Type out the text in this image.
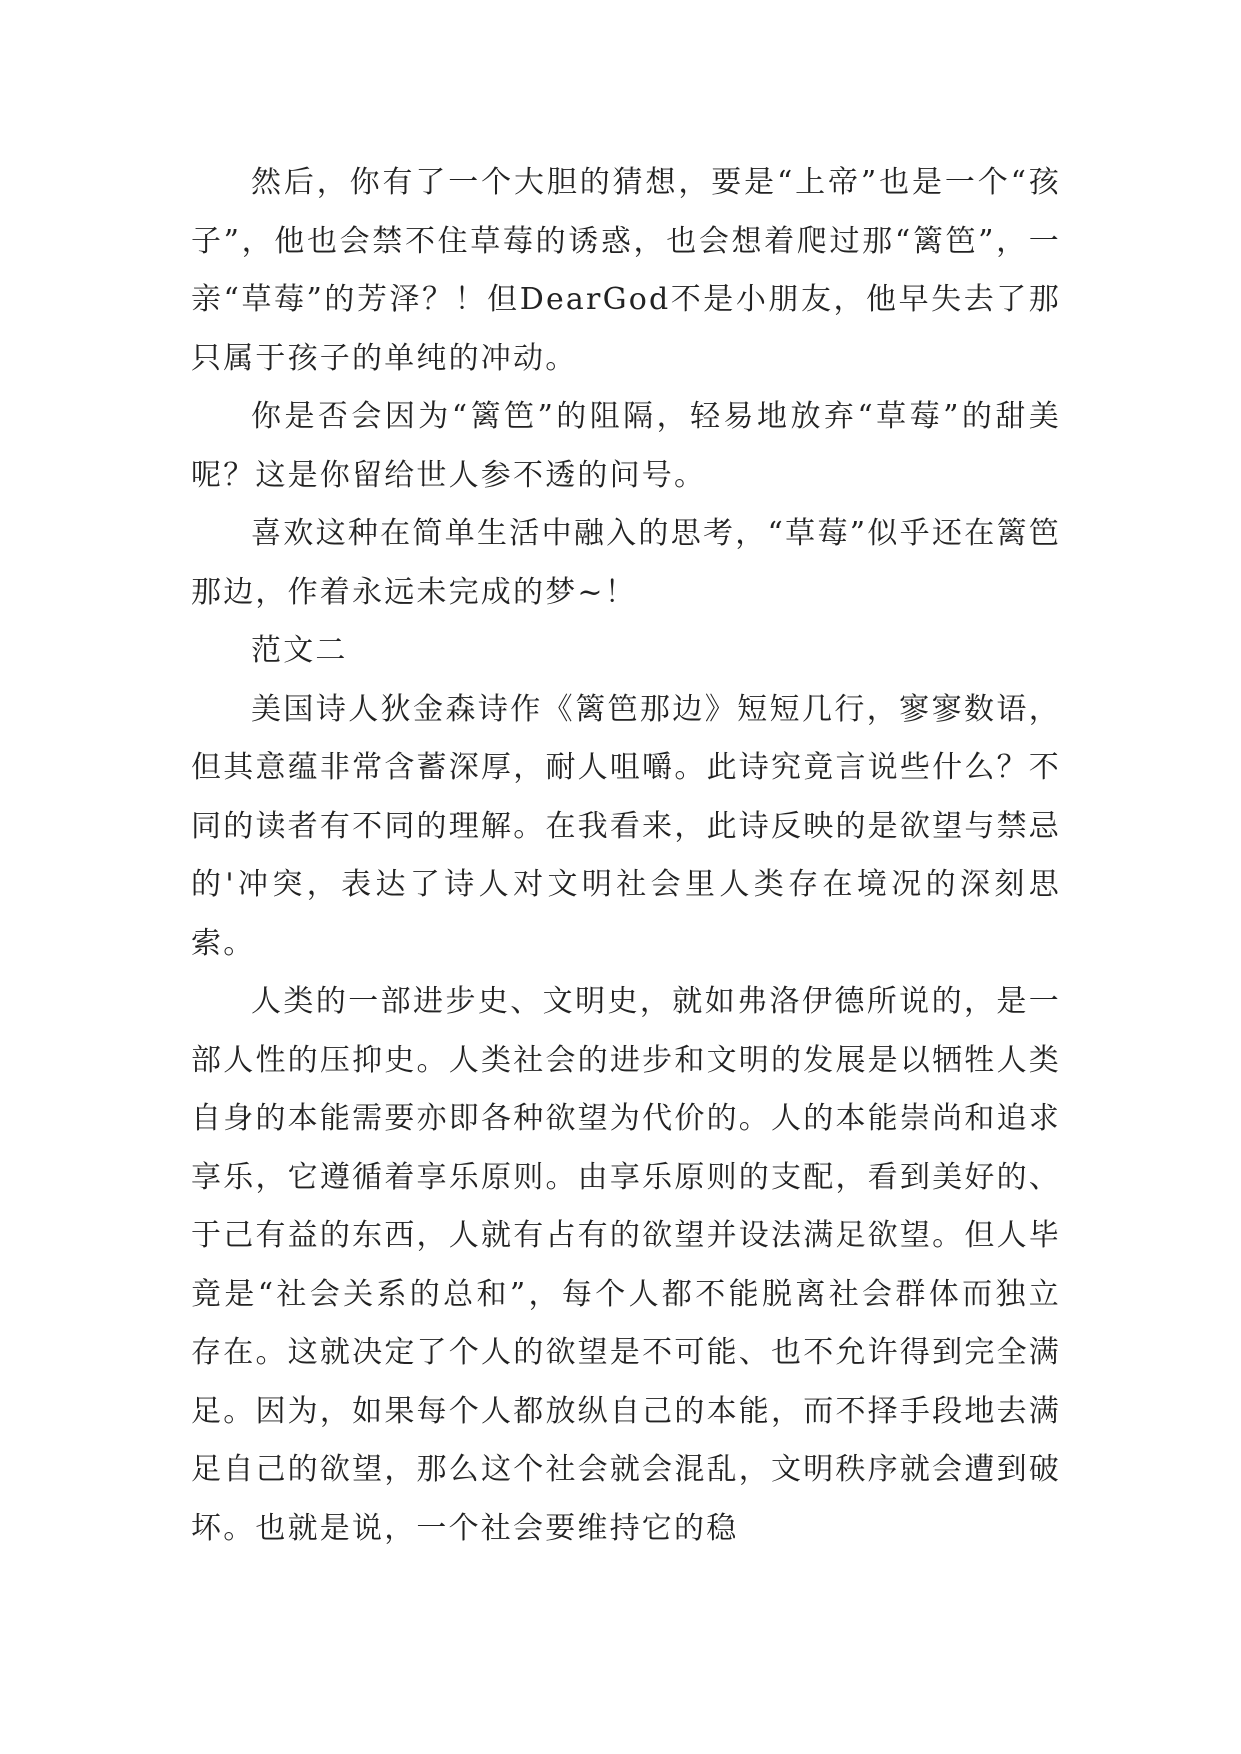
然后，你有了一个大胆的猜想，要是“上帝”也是一个“孩子”，他也会禁不住草莓的诱惑，也会想着爬过那“篱笆”，一亲“草莓”的芳泽？！但DearGod不是小朋友，他早失去了那只属于孩子的单纯的冲动。

你是否会因为“篱笆”的阻隔，轻易地放弃“草莓”的甜美呢？这是你留给世人参不透的问号。

喜欢这种在简单生活中融入的思考，“草莓”似乎还在篱笆那边，作着永远未完成的梦~！

范文二

美国诗人狄金森诗作《篱笆那边》短短几行，寥寥数语，但其意蕴非常含蓄深厚，耐人咀嚼。此诗究竟言说些什么？不同的读者有不同的理解。在我看来，此诗反映的是欲望与禁忌的'冲突，表达了诗人对文明社会里人类存在境况的深刻思索。

人类的一部进步史、文明史，就如弗洛伊德所说的，是一部人性的压抑史。人类社会的进步和文明的发展是以牺牲人类自身的本能需要亦即各种欲望为代价的。人的本能崇尚和追求享乐，它遵循着享乐原则。由享乐原则的支配，看到美好的、于己有益的东西，人就有占有的欲望并设法满足欲望。但人毕竟是“社会关系的总和”，每个人都不能脱离社会群体而独立存在。这就决定了个人的欲望是不可能、也不允许得到完全满足。因为，如果每个人都放纵自己的本能，而不择手段地去满足自己的欲望，那么这个社会就会混乱，文明秩序就会遭到破坏。也就是说，一个社会要维持它的稳
